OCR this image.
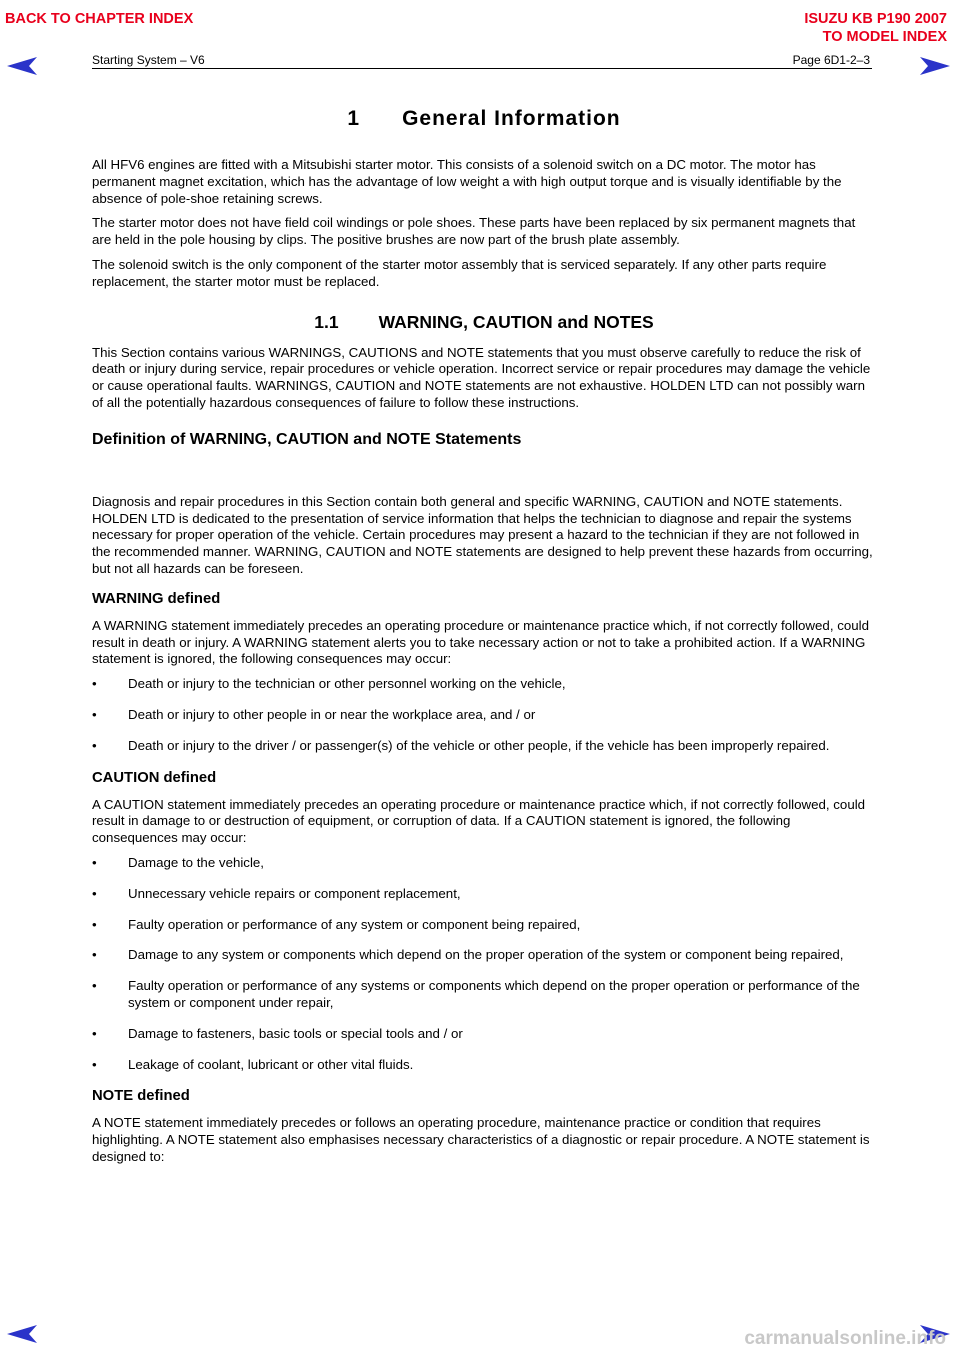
BACK TO CHAPTER INDEX	ISUZU KB P190 2007
TO MODEL INDEX
Starting System – V6	Page 6D1-2–3
1 General Information

All HFV6 engines are fitted with a Mitsubishi starter motor. This consists of a solenoid switch on a DC motor. The motor has permanent magnet excitation, which has the advantage of low weight a with high output torque and is visually identifiable by the absence of pole-shoe retaining screws.

The starter motor does not have field coil windings or pole shoes. These parts have been replaced by six permanent magnets that are held in the pole housing by clips. The positive brushes are now part of the brush plate assembly.

The solenoid switch is the only component of the starter motor assembly that is serviced separately. If any other parts require replacement, the starter motor must be replaced.

1.1 WARNING, CAUTION and NOTES

This Section contains various WARNINGS, CAUTIONS and NOTE statements that you must observe carefully to reduce the risk of death or injury during service, repair procedures or vehicle operation. Incorrect service or repair procedures may damage the vehicle or cause operational faults. WARNINGS, CAUTION and NOTE statements are not exhaustive. HOLDEN LTD can not possibly warn of all the potentially hazardous consequences of failure to follow these instructions.

Definition of WARNING, CAUTION and NOTE Statements

Diagnosis and repair procedures in this Section contain both general and specific WARNING, CAUTION and NOTE statements. HOLDEN LTD is dedicated to the presentation of service information that helps the technician to diagnose and repair the systems necessary for proper operation of the vehicle. Certain procedures may present a hazard to the technician if they are not followed in the recommended manner. WARNING, CAUTION and NOTE statements are designed to help prevent these hazards from occurring, but not all hazards can be foreseen.

WARNING defined

A WARNING statement immediately precedes an operating procedure or maintenance practice which, if not correctly followed, could result in death or injury. A WARNING statement alerts you to take necessary action or not to take a prohibited action. If a WARNING statement is ignored, the following consequences may occur:

• Death or injury to the technician or other personnel working on the vehicle,
• Death or injury to other people in or near the workplace area, and / or
• Death or injury to the driver / or passenger(s) of the vehicle or other people, if the vehicle has been improperly repaired.
CAUTION defined

A CAUTION statement immediately precedes an operating procedure or maintenance practice which, if not correctly followed, could result in damage to or destruction of equipment, or corruption of data. If a CAUTION statement is ignored, the following consequences may occur:

• Damage to the vehicle,
• Unnecessary vehicle repairs or component replacement,
• Faulty operation or performance of any system or component being repaired,
• Damage to any system or components which depend on the proper operation of the system or component being repaired,
• Faulty operation or performance of any systems or components which depend on the proper operation or performance of the system or component under repair,
• Damage to fasteners, basic tools or special tools and / or
• Leakage of coolant, lubricant or other vital fluids.
NOTE defined

A NOTE statement immediately precedes or follows an operating procedure, maintenance practice or condition that requires highlighting. A NOTE statement also emphasises necessary characteristics of a diagnostic or repair procedure. A NOTE statement is designed to:

carmanualsonline.info
